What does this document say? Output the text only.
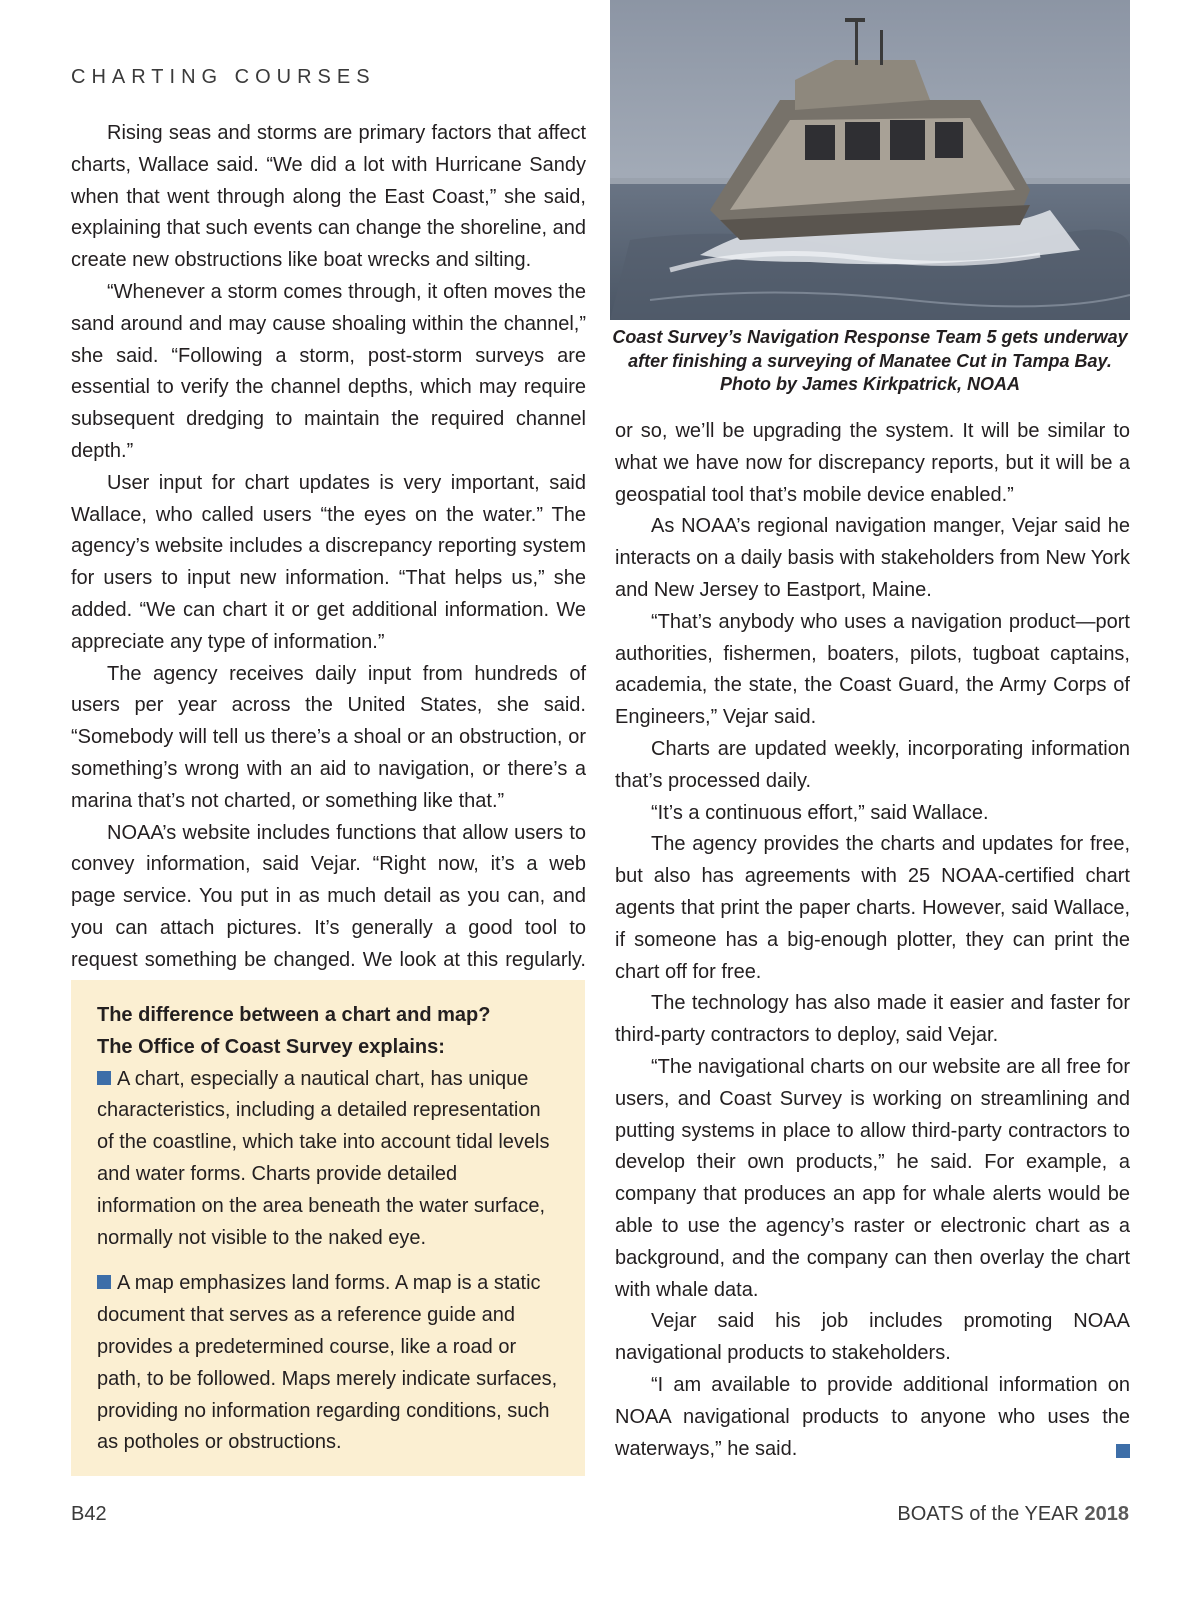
CHARTING COURSES
Coast Survey’s Navigation Response Team 5 gets underway
after finishing a surveying of Manatee Cut in Tampa Bay.
Photo by James Kirkpatrick, NOAA

Rising seas and storms are primary factors that affect charts, Wallace said. “We did a lot with Hurricane Sandy when that went through along the East Coast,” she said, explaining that such events can change the shoreline, and create new obstructions like boat wrecks and silting.

“Whenever a storm comes through, it often moves the sand around and may cause shoaling within the channel,” she said. “Following a storm, post-storm surveys are essential to verify the channel depths, which may require subsequent dredging to maintain the required channel depth.”

User input for chart updates is very important, said Wallace, who called users “the eyes on the water.” The agency’s website includes a discrepancy reporting system for users to input new information. “That helps us,” she added. “We can chart it or get additional information. We appreciate any type of information.”

The agency receives daily input from hundreds of users per year across the United States, she said. “Somebody will tell us there’s a shoal or an obstruction, or something’s wrong with an aid to navigation, or there’s a marina that’s not charted, or something like that.”

NOAA’s website includes functions that allow users to convey information, said Vejar. “Right now, it’s a web page service. You put in as much detail as you can, and you can attach pictures. It’s generally a good tool to request something be changed. We look at this regularly.

The difference between a chart and map?
The Office of Coast Survey explains:

A chart, especially a nautical chart, has unique characteristics, including a detailed representation of the coastline, which take into account tidal levels and water forms. Charts provide detailed information on the area beneath the water surface, normally not visible to the naked eye.

A map emphasizes land forms. A map is a static document that serves as a reference guide and provides a predetermined course, like a road or path, to be followed. Maps merely indicate surfaces, providing no information regarding conditions, such as potholes or obstructions.

or so, we’ll be upgrading the system. It will be similar to what we have now for discrepancy reports, but it will be a geospatial tool that’s mobile device enabled.”

As NOAA’s regional navigation manger, Vejar said he interacts on a daily basis with stakeholders from New York and New Jersey to Eastport, Maine.

“That’s anybody who uses a navigation product—port authorities, fishermen, boaters, pilots, tugboat captains, academia, the state, the Coast Guard, the Army Corps of Engineers,” Vejar said.

Charts are updated weekly, incorporating information that’s processed daily.

“It’s a continuous effort,” said Wallace.

The agency provides the charts and updates for free, but also has agreements with 25 NOAA-certified chart agents that print the paper charts. However, said Wallace, if someone has a big-enough plotter, they can print the chart off for free.

The technology has also made it easier and faster for third-party contractors to deploy, said Vejar.

“The navigational charts on our website are all free for users, and Coast Survey is working on streamlining and putting systems in place to allow third-party contractors to develop their own products,” he said. For example, a company that produces an app for whale alerts would be able to use the agency’s raster or electronic chart as a background, and the company can then overlay the chart with whale data.

Vejar said his job includes promoting NOAA navigational products to stakeholders.

“I am available to provide additional information on NOAA navigational products to anyone who uses the waterways,” he said.

B42	BOATS of the YEAR 2018
